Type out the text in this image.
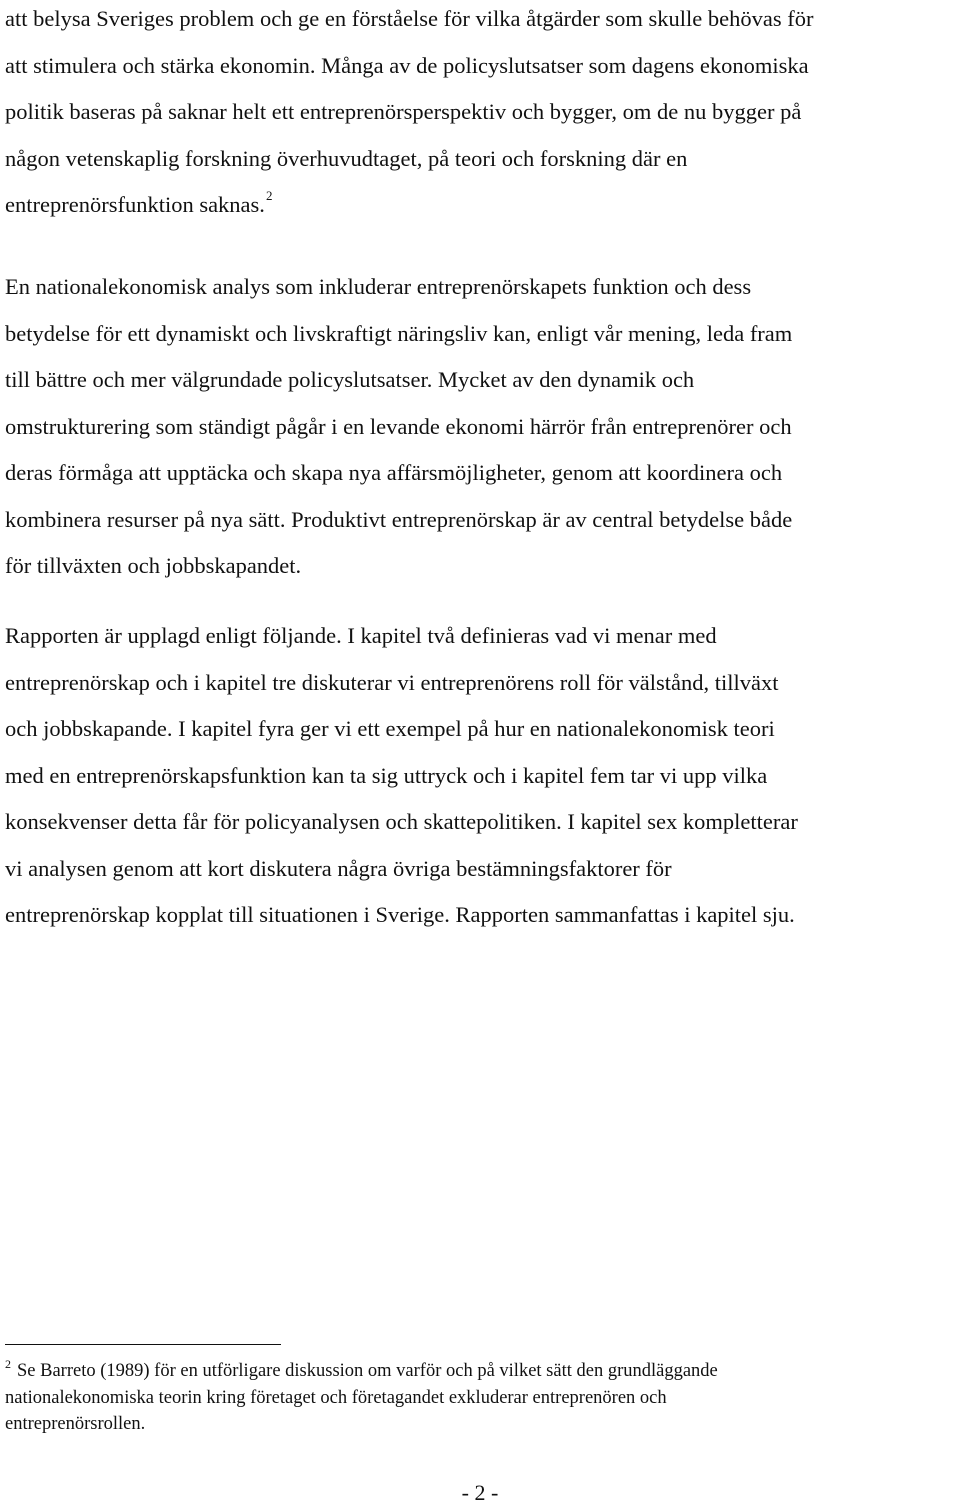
att belysa Sveriges problem och ge en förståelse för vilka åtgärder som skulle behövas för
att stimulera och stärka ekonomin. Många av de policyslutsatser som dagens ekonomiska
politik baseras på saknar helt ett entreprenörsperspektiv och bygger, om de nu bygger på
någon vetenskaplig forskning överhuvudtaget, på teori och forskning där en
entreprenörsfunktion saknas.$^2$

En nationalekonomisk analys som inkluderar entreprenörskapets funktion och dess
betydelse för ett dynamiskt och livskraftigt näringsliv kan, enligt vår mening, leda fram
till bättre och mer välgrundade policyslutsatser. Mycket av den dynamik och
omstrukturering som ständigt pågår i en levande ekonomi härrör från entreprenörer och
deras förmåga att upptäcka och skapa nya affärsmöjligheter, genom att koordinera och
kombinera resurser på nya sätt. Produktivt entreprenörskap är av central betydelse både
för tillväxten och jobbskapandet.

Rapporten är upplagd enligt följande. I kapitel två definieras vad vi menar med
entreprenörskap och i kapitel tre diskuterar vi entreprenörens roll för välstånd, tillväxt
och jobbskapande. I kapitel fyra ger vi ett exempel på hur en nationalekonomisk teori
med en entreprenörskapsfunktion kan ta sig uttryck och i kapitel fem tar vi upp vilka
konsekvenser detta får för policyanalysen och skattepolitiken. I kapitel sex kompletterar
vi analysen genom att kort diskutera några övriga bestämningsfaktorer för
entreprenörskap kopplat till situationen i Sverige. Rapporten sammanfattas i kapitel sju.

$^2$ Se Barreto (1989) för en utförligare diskussion om varför och på vilket sätt den grundläggande
nationalekonomiska teorin kring företaget och företagandet exkluderar entreprenören och
entreprenörsrollen.

- 2 -
